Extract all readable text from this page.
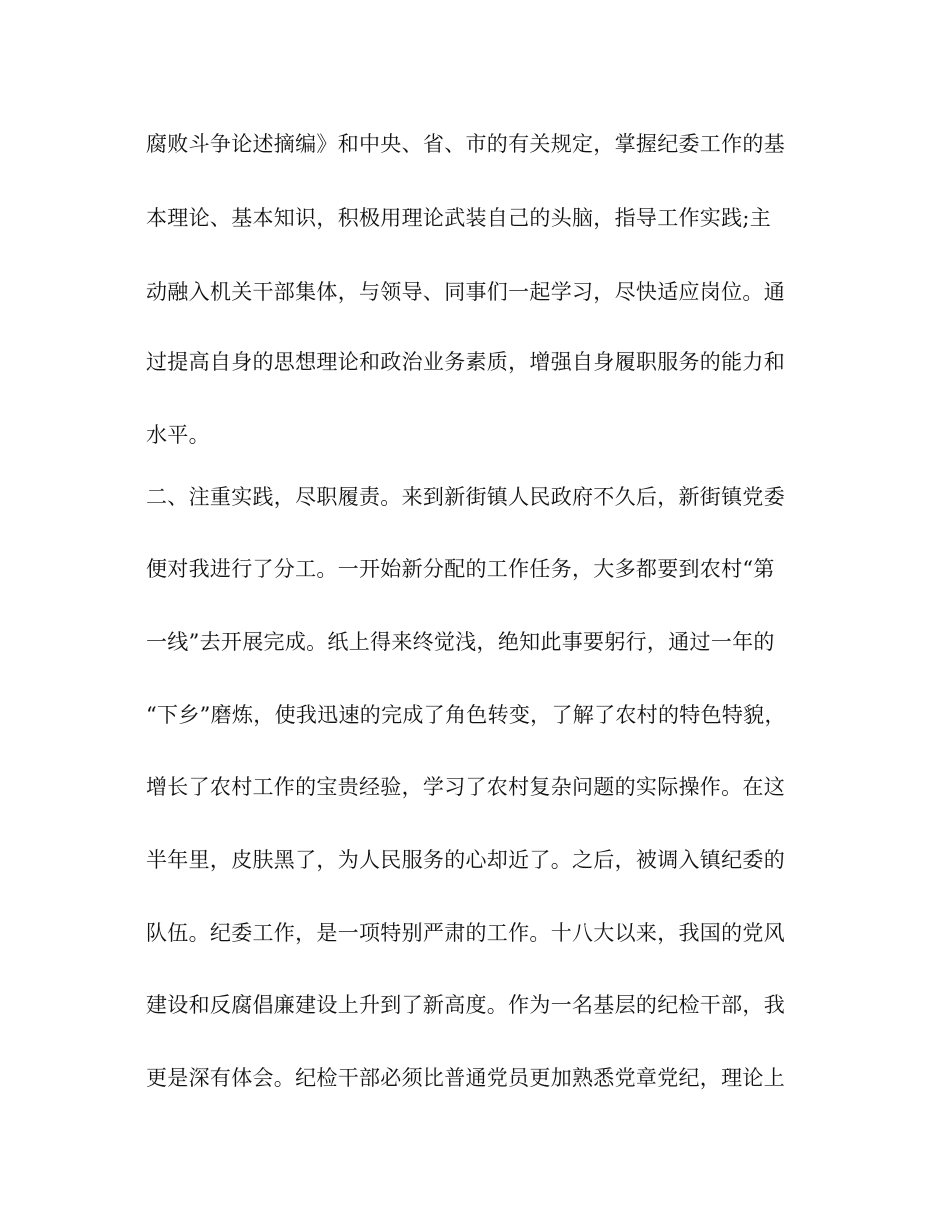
腐败斗争论述摘编》和中央、省、市的有关规定，掌握纪委工作的基
本理论、基本知识，积极用理论武装自己的头脑，指导工作实践;主
动融入机关干部集体，与领导、同事们一起学习，尽快适应岗位。通
过提高自身的思想理论和政治业务素质，增强自身履职服务的能力和
水平。
二、注重实践，尽职履责。来到新街镇人民政府不久后，新街镇党委
便对我进行了分工。一开始新分配的工作任务，大多都要到农村“第
一线”去开展完成。纸上得来终觉浅，绝知此事要躬行，通过一年的
“下乡”磨炼，使我迅速的完成了角色转变，了解了农村的特色特貌，
增长了农村工作的宝贵经验，学习了农村复杂问题的实际操作。在这
半年里，皮肤黑了，为人民服务的心却近了。之后，被调入镇纪委的
队伍。纪委工作，是一项特别严肃的工作。十八大以来，我国的党风
建设和反腐倡廉建设上升到了新高度。作为一名基层的纪检干部，我
更是深有体会。纪检干部必须比普通党员更加熟悉党章党纪，理论上
